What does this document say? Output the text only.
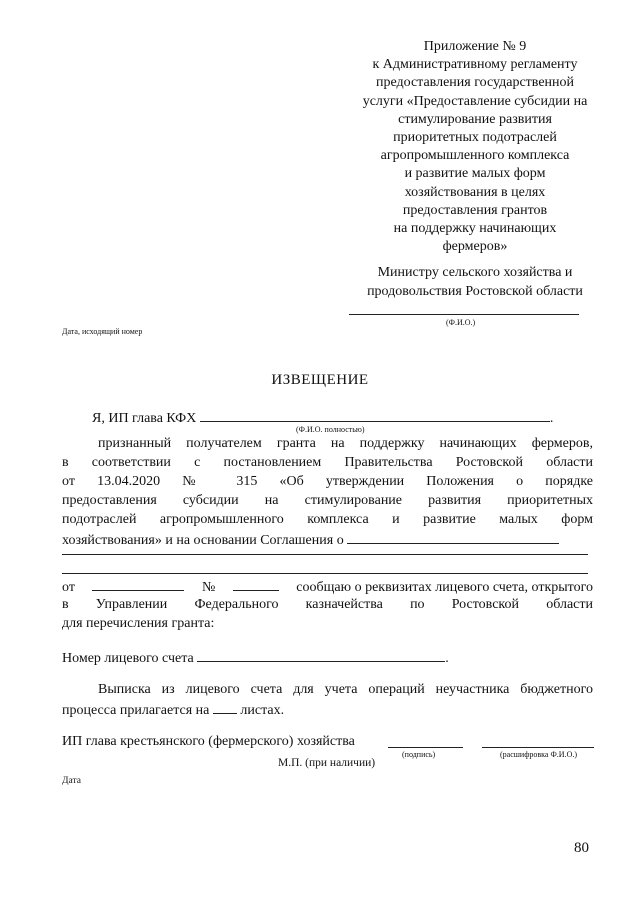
Приложение № 9
к Административному регламенту
предоставления государственной
услуги «Предоставление субсидии на
стимулирование развития
приоритетных подотраслей
агропромышленного комплекса
и развитие малых форм
хозяйствования в целях
предоставления грантов
на поддержку начинающих
фермеров»
Министру сельского хозяйства и
продовольствия Ростовской области
(Ф.И.О.)
Дата, исходящий номер
ИЗВЕЩЕНИЕ
Я, ИП глава КФХ	.
(Ф.И.О. полностью)
признанный получателем гранта на поддержку начинающих фермеров,
в соответствии с постановлением Правительства Ростовской области
от 13.04.2020 № 315 «Об утверждении Положения о порядке
предоставления субсидии на стимулирование развития приоритетных
подотраслей агропромышленного комплекса и развитие малых форм
хозяйствования» и на основании Соглашения о
от	№	сообщаю о реквизитах лицевого счета, открытого
в Управлении Федерального казначейства по Ростовской области
для перечисления гранта:
Номер лицевого счета	.
Выписка из лицевого счета для учета операций неучастника бюджетного
процесса прилагается на листах.
ИП глава крестьянского (фермерского) хозяйства
(подпись)	(расшифровка Ф.И.О.)
М.П. (при наличии)
Дата
80
